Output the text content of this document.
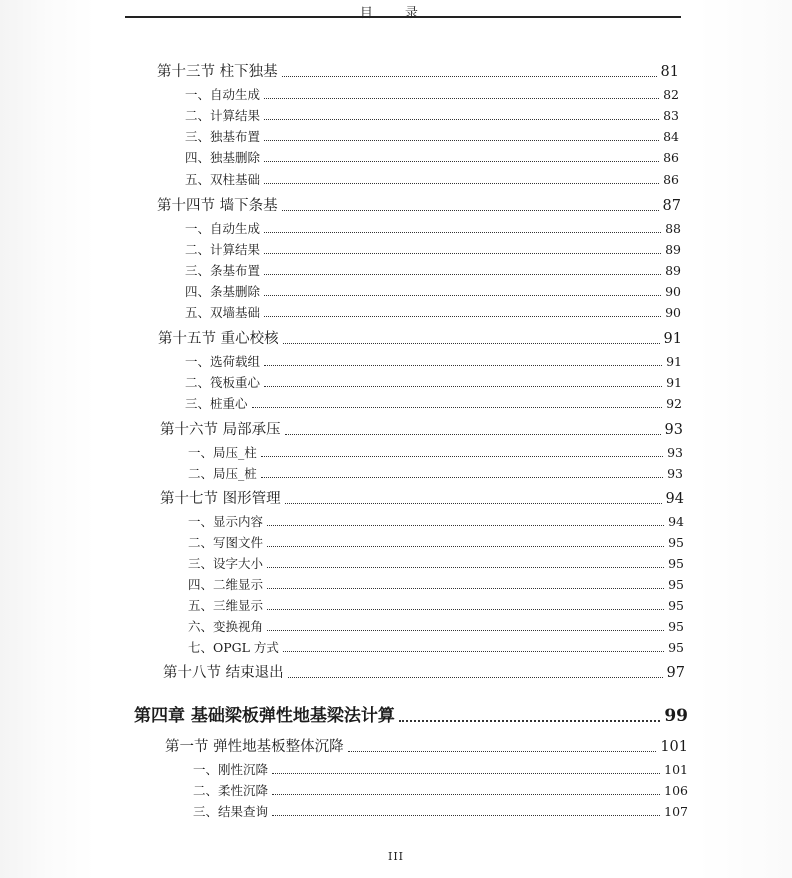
目 录
第十三节 柱下独基	81
一、自动生成	82
二、计算结果	83
三、独基布置	84
四、独基删除	86
五、双柱基础	86
第十四节 墙下条基	87
一、自动生成	88
二、计算结果	89
三、条基布置	89
四、条基删除	90
五、双墙基础	90
第十五节 重心校核	91
一、选荷载组	91
二、筏板重心	91
三、桩重心	92
第十六节 局部承压	93
一、局压_柱	93
二、局压_桩	93
第十七节 图形管理	94
一、显示内容	94
二、写图文件	95
三、设字大小	95
四、二维显示	95
五、三维显示	95
六、变换视角	95
七、OPGL 方式	95
第十八节 结束退出	97
第四章 基础梁板弹性地基梁法计算	99
第一节 弹性地基板整体沉降	101
一、刚性沉降	101
二、柔性沉降	106
三、结果查询	107
III
